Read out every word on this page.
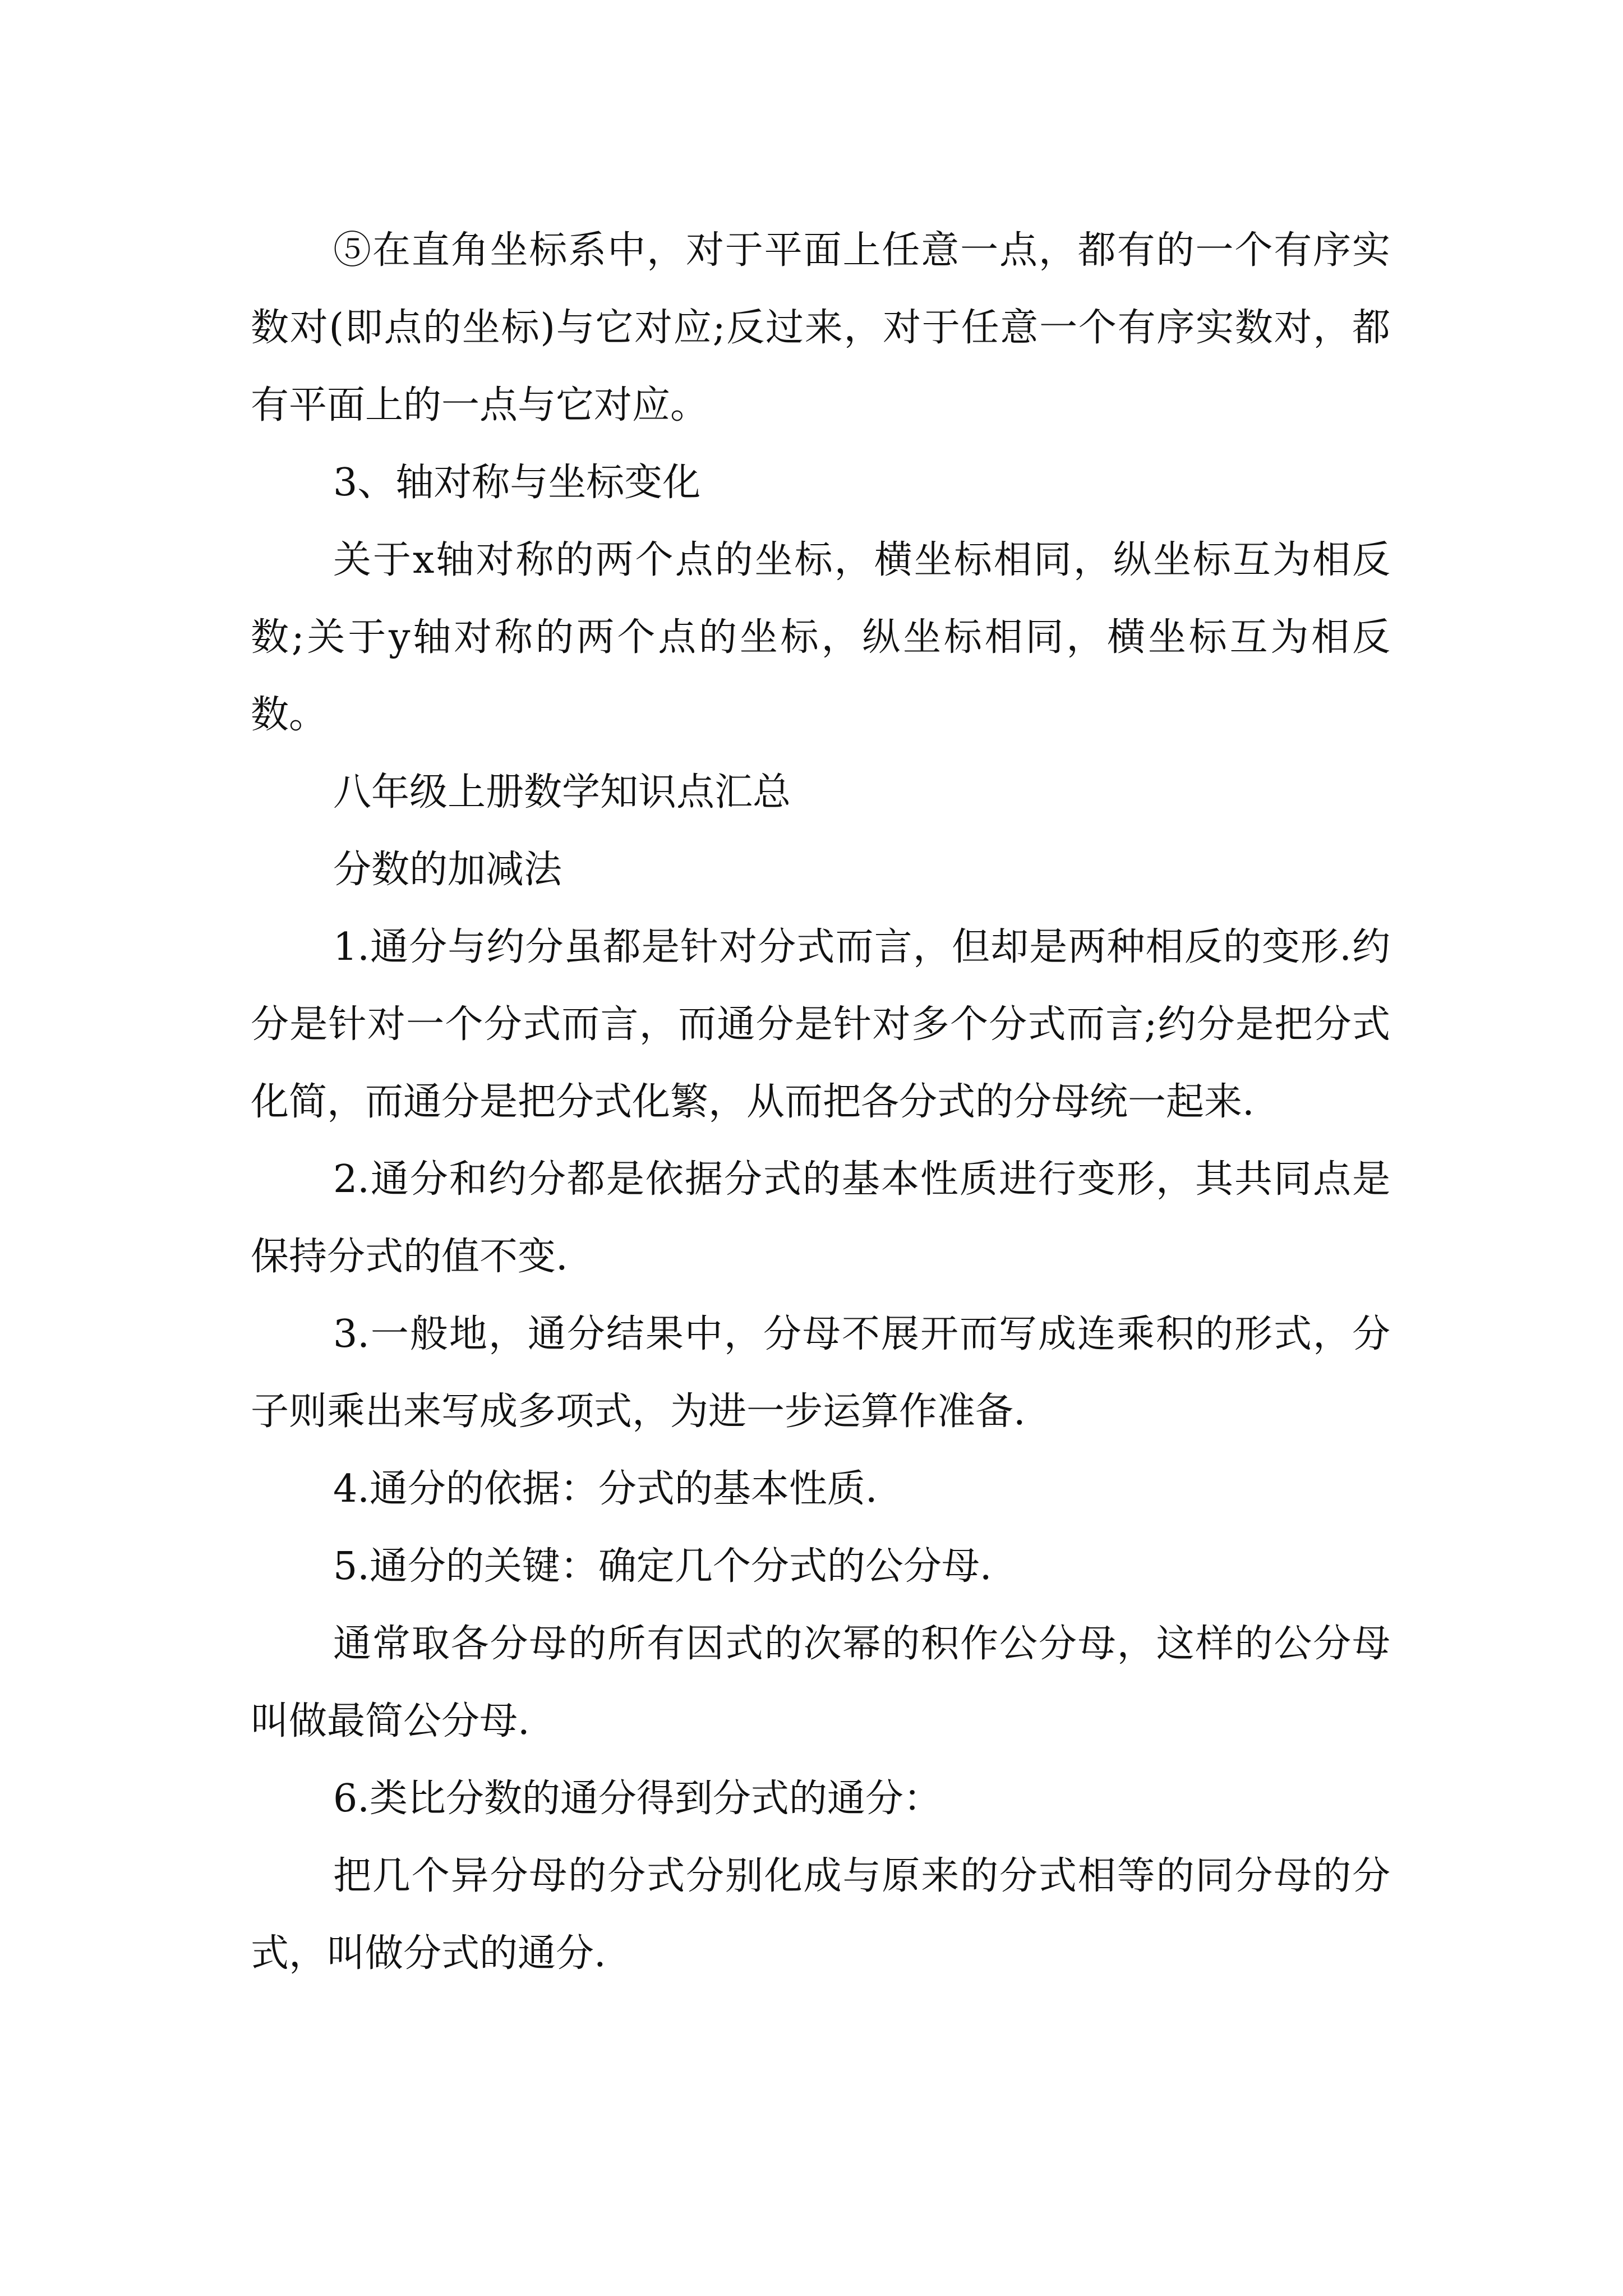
⑤在直角坐标系中，对于平面上任意一点，都有的一个有序实数对(即点的坐标)与它对应;反过来，对于任意一个有序实数对，都有平面上的一点与它对应。

3、轴对称与坐标变化

关于x轴对称的两个点的坐标，横坐标相同，纵坐标互为相反数;关于y轴对称的两个点的坐标，纵坐标相同，横坐标互为相反数。

八年级上册数学知识点汇总

分数的加减法

1.通分与约分虽都是针对分式而言，但却是两种相反的变形.约分是针对一个分式而言，而通分是针对多个分式而言;约分是把分式化简，而通分是把分式化繁，从而把各分式的分母统一起来.

2.通分和约分都是依据分式的基本性质进行变形，其共同点是保持分式的值不变.

3.一般地，通分结果中，分母不展开而写成连乘积的形式，分子则乘出来写成多项式，为进一步运算作准备.

4.通分的依据：分式的基本性质.

5.通分的关键：确定几个分式的公分母.

通常取各分母的所有因式的次幂的积作公分母，这样的公分母叫做最简公分母.

6.类比分数的通分得到分式的通分：

把几个异分母的分式分别化成与原来的分式相等的同分母的分式，叫做分式的通分.
